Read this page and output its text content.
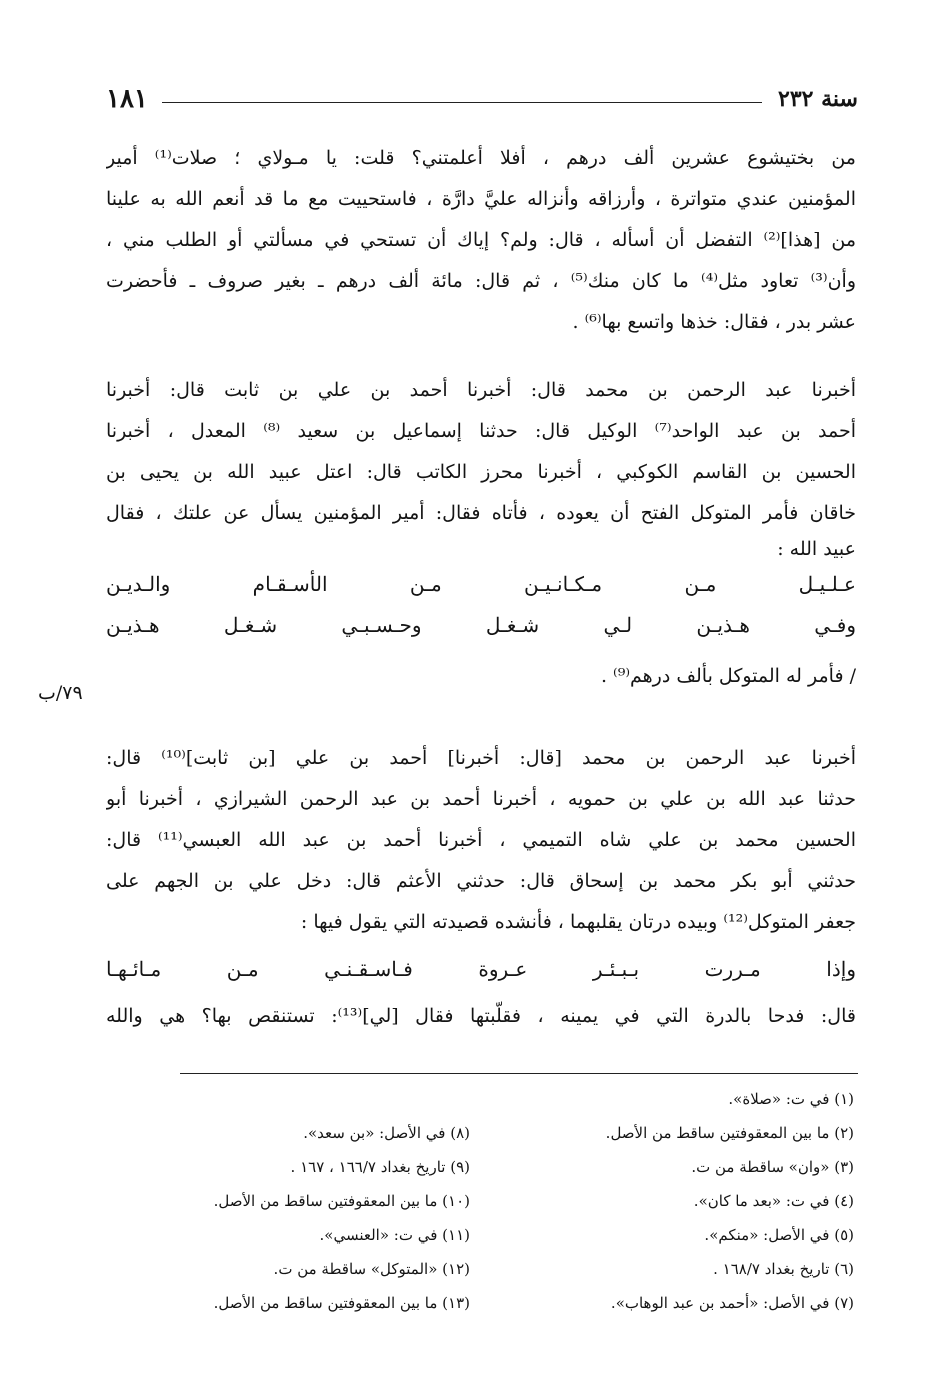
سنة ٢٣٢
١٨١
من بختيشوع عشرين ألف درهم ، أفلا أعلمتني؟ قلت: يا مـولاي ؛ صلات⁽¹⁾ أمير
المؤمنين عندي متواترة ، وأرزاقه وأنزاله عليَّ دارَّة ، فاستحييت مع ما قد أنعم الله به علينا
من [هذا]⁽²⁾ التفضل أن أسأله ، قال: ولم؟ إياك أن تستحي في مسألتي أو الطلب مني ،
وأن⁽³⁾ تعاود مثل⁽⁴⁾ ما كان منك⁽⁵⁾ ، ثم قال: مائة ألف درهم ـ بغير صروف ـ فأحضرت
عشر بدر ، فقال: خذها واتسع بها⁽⁶⁾ .
أخبرنا عبد الرحمن بن محمد قال: أخبرنا أحمد بن علي بن ثابت قال: أخبرنا
أحمد بن عبد الواحد⁽⁷⁾ الوكيل قال: حدثنا إسماعيل بن سعيد ⁽⁸⁾ المعدل ، أخبرنا
الحسين بن القاسم الكوكبي ، أخبرنا محرز الكاتب قال: اعتل عبيد الله بن يحيى بن
خاقان فأمر المتوكل الفتح أن يعوده ، فأتاه فقال: أمير المؤمنين يسأل عن علتك ، فقال
عبيد الله :
عـلـيـل مـن مـكـانـيـن مـن الأسـقـام والـديـن
وفـي هـذيـن لـي شـغـل وحـسـبـي شـغـل هـذيـن
/ فأمر له المتوكل بألف درهم⁽⁹⁾ .
٧٩/ب
أخبرنا عبد الرحمن بن محمد [قال: أخبرنا] أحمد بن علي [بن ثابت]⁽¹⁰⁾ قال:
حدثنا عبد الله بن علي بن حمويه ، أخبرنا أحمد بن عبد الرحمن الشيرازي ، أخبرنا أبو
الحسين محمد بن علي شاه التميمي ، أخبرنا أحمد بن عبد الله العبسي⁽¹¹⁾ قال:
حدثني أبو بكر محمد بن إسحاق قال: حدثني الأعثم قال: دخل علي بن الجهم على
جعفر المتوكل⁽¹²⁾ وبيده درتان يقلبهما ، فأنشده قصيدته التي يقول فيها :
وإذا مـررت بـبـئـر عـروة فـاسـقـنـي مـن مـائـهـا
قال: فدحا بالدرة التي في يمينه ، فقلّبتها فقال [لي]⁽¹³⁾: تستنقص بها؟ هي والله
(١) في ت: «صلاة».
(٢) ما بين المعقوفتين ساقط من الأصل.
(٣) «وان» ساقطة من ت.
(٤) في ت: «بعد ما كان».
(٥) في الأصل: «منكم».
(٦) تاريخ بغداد ١٦٨/٧ .
(٧) في الأصل: «أحمد بن عبد الوهاب».
(٨) في الأصل: «بن سعد».
(٩) تاريخ بغداد ١٦٦/٧ ، ١٦٧ .
(١٠) ما بين المعقوفتين ساقط من الأصل.
(١١) في ت: «العنسي».
(١٢) «المتوكل» ساقطة من ت.
(١٣) ما بين المعقوفتين ساقط من الأصل.
